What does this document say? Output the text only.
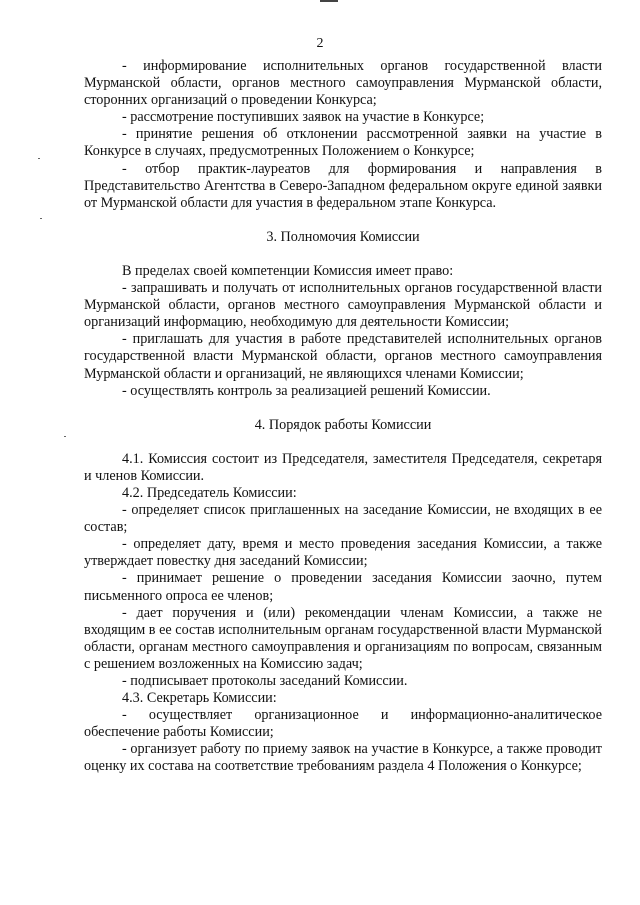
2

- информирование исполнительных органов государственной власти Мурманской области, органов местного самоуправления Мурманской области, сторонних организаций о проведении Конкурса;

- рассмотрение поступивших заявок на участие в Конкурсе;

- принятие решения об отклонении рассмотренной заявки на участие в Конкурсе в случаях, предусмотренных Положением о Конкурсе;

- отбор практик-лауреатов для формирования и направления в Представительство Агентства в Северо-Западном федеральном округе единой заявки от Мурманской области для участия в федеральном этапе Конкурса.

3. Полномочия Комиссии

В пределах своей компетенции Комиссия имеет право:

- запрашивать и получать от исполнительных органов государственной власти Мурманской области, органов местного самоуправления Мурманской области и организаций информацию, необходимую для деятельности Комиссии;

- приглашать для участия в работе представителей исполнительных органов государственной власти Мурманской области, органов местного самоуправления Мурманской области и организаций, не являющихся членами Комиссии;

- осуществлять контроль за реализацией решений Комиссии.

4. Порядок работы Комиссии

4.1. Комиссия состоит из Председателя, заместителя Председателя, секретаря и членов Комиссии.

4.2. Председатель Комиссии:

- определяет список приглашенных на заседание Комиссии, не входящих в ее состав;

- определяет дату, время и место проведения заседания Комиссии, а также утверждает повестку дня заседаний Комиссии;

- принимает решение о проведении заседания Комиссии заочно, путем письменного опроса ее членов;

- дает поручения и (или) рекомендации членам Комиссии, а также не входящим в ее состав исполнительным органам государственной власти Мурманской области, органам местного самоуправления и организациям по вопросам, связанным с решением возложенных на Комиссию задач;

- подписывает протоколы заседаний Комиссии.

4.3. Секретарь Комиссии:

- осуществляет организационное и информационно-аналитическое обеспечение работы Комиссии;

- организует работу по приему заявок на участие в Конкурсе, а также проводит оценку их состава на соответствие требованиям раздела 4 Положения о Конкурсе;
